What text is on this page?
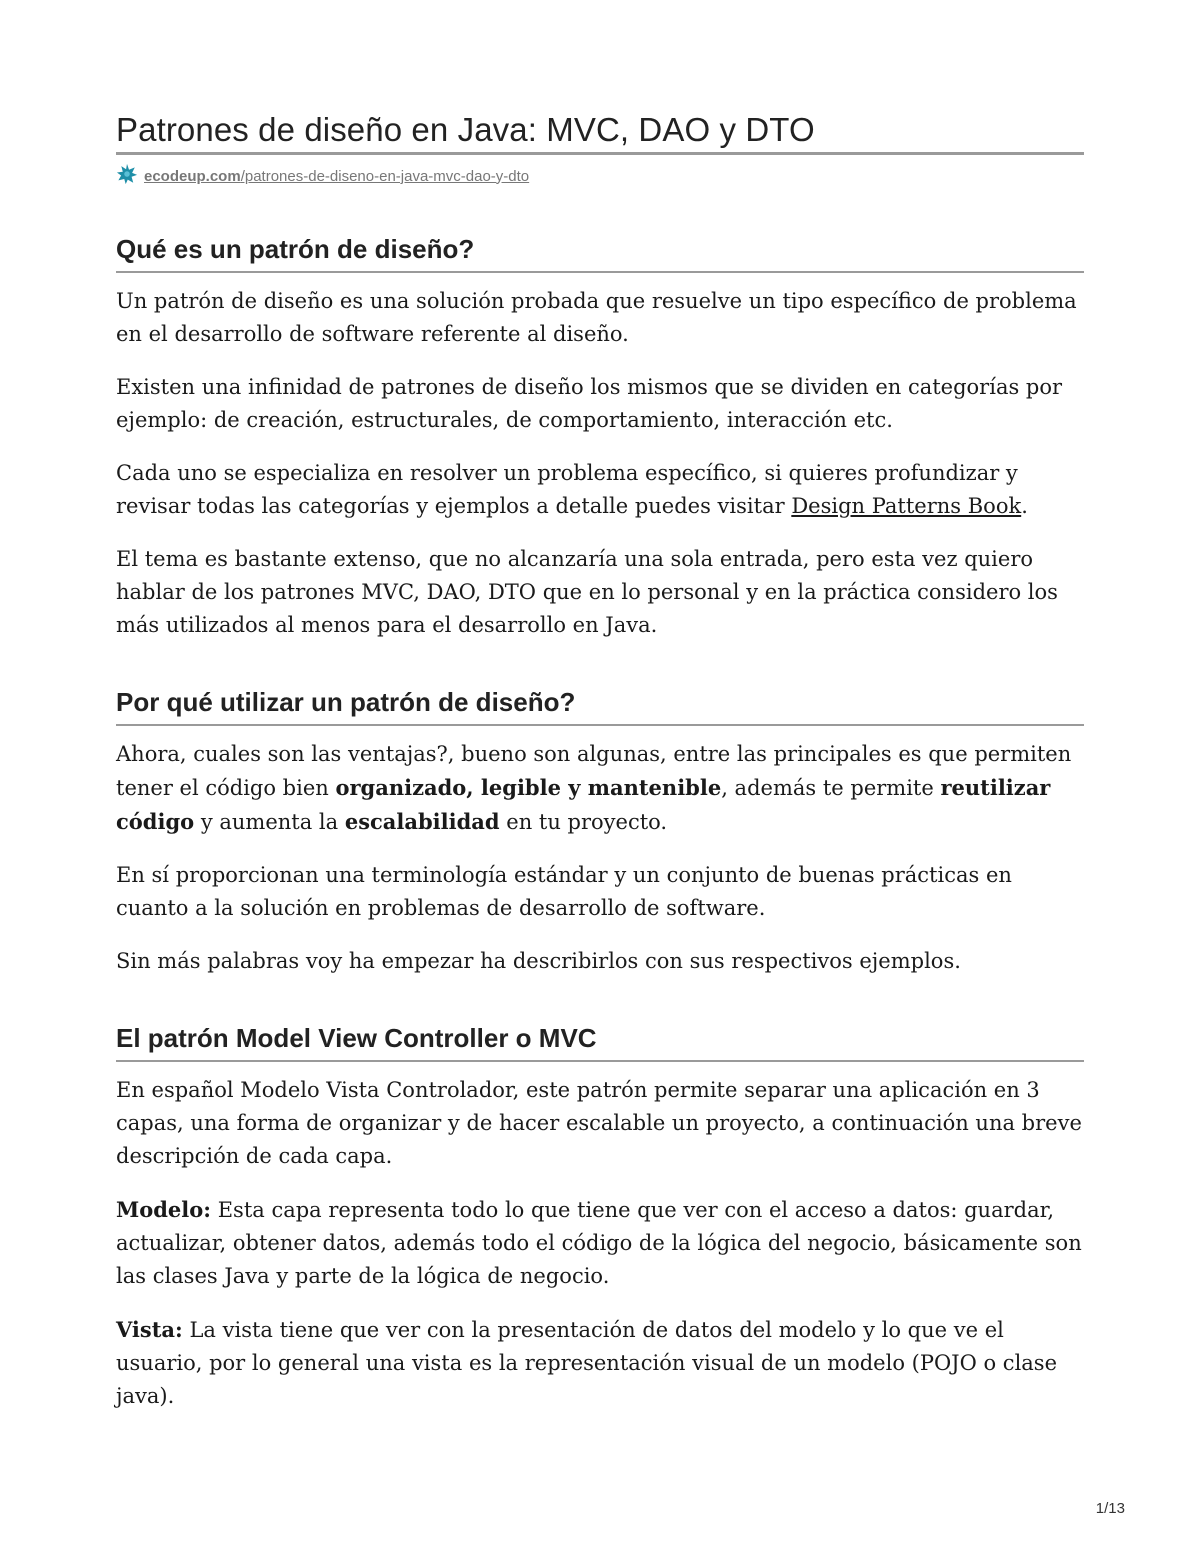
Patrones de diseño en Java: MVC, DAO y DTO
ecodeup.com/patrones-de-diseno-en-java-mvc-dao-y-dto
Qué es un patrón de diseño?

Un patrón de diseño es una solución probada que resuelve un tipo específico de problema en el desarrollo de software referente al diseño.

Existen una infinidad de patrones de diseño los mismos que se dividen en categorías por ejemplo: de creación, estructurales, de comportamiento, interacción etc.

Cada uno se especializa en resolver un problema específico, si quieres profundizar y revisar todas las categorías y ejemplos a detalle puedes visitar Design Patterns Book.

El tema es bastante extenso, que no alcanzaría una sola entrada, pero esta vez quiero hablar de los patrones MVC, DAO, DTO que en lo personal y en la práctica considero los más utilizados al menos para el desarrollo en Java.

Por qué utilizar un patrón de diseño?

Ahora, cuales son las ventajas?, bueno son algunas, entre las principales es que permiten tener el código bien organizado, legible y mantenible, además te permite reutilizar código y aumenta la escalabilidad en tu proyecto.

En sí proporcionan una terminología estándar y un conjunto de buenas prácticas en cuanto a la solución en problemas de desarrollo de software.

Sin más palabras voy ha empezar ha describirlos con sus respectivos ejemplos.

El patrón Model View Controller o MVC

En español Modelo Vista Controlador, este patrón permite separar una aplicación en 3 capas, una forma de organizar y de hacer escalable un proyecto, a continuación una breve descripción de cada capa.

Modelo: Esta capa representa todo lo que tiene que ver con el acceso a datos: guardar, actualizar, obtener datos, además todo el código de la lógica del negocio, básicamente son las clases Java y parte de la lógica de negocio.

Vista: La vista tiene que ver con la presentación de datos del modelo y lo que ve el usuario, por lo general una vista es la representación visual de un modelo (POJO o clase java).

1/13
